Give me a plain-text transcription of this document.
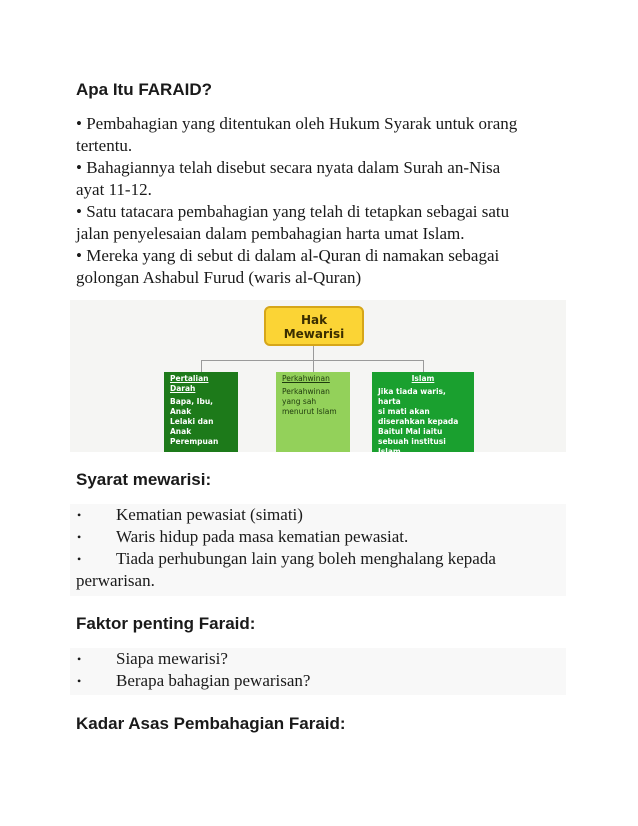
Apa Itu FARAID?
• Pembahagian yang ditentukan oleh Hukum Syarak untuk orang
tertentu.
• Bahagiannya telah disebut secara nyata dalam Surah an-Nisa
ayat 11-12.
• Satu tatacara pembahagian yang telah di tetapkan sebagai satu
jalan penyelesaian dalam pembahagian harta umat Islam.
• Mereka yang di sebut di dalam al-Quran di namakan sebagai
golongan Ashabul Furud (waris al-Quran)
Hak
Mewarisi
Pertalian Darah
Bapa, Ibu, Anak
Lelaki dan Anak
Perempuan
Perkahwinan
Perkahwinan
yang sah
menurut Islam
Islam
Jika tiada waris, harta
si mati akan
diserahkan kepada
Baitul Mal iaitu
sebuah institusi Islam
Syarat mewarisi:
• Kematian pewasiat (simati)
• Waris hidup pada masa kematian pewasiat.
• Tiada perhubungan lain yang boleh menghalang kepada perwarisan.
Faktor penting Faraid:
• Siapa mewarisi?
• Berapa bahagian pewarisan?
Kadar Asas Pembahagian Faraid:
